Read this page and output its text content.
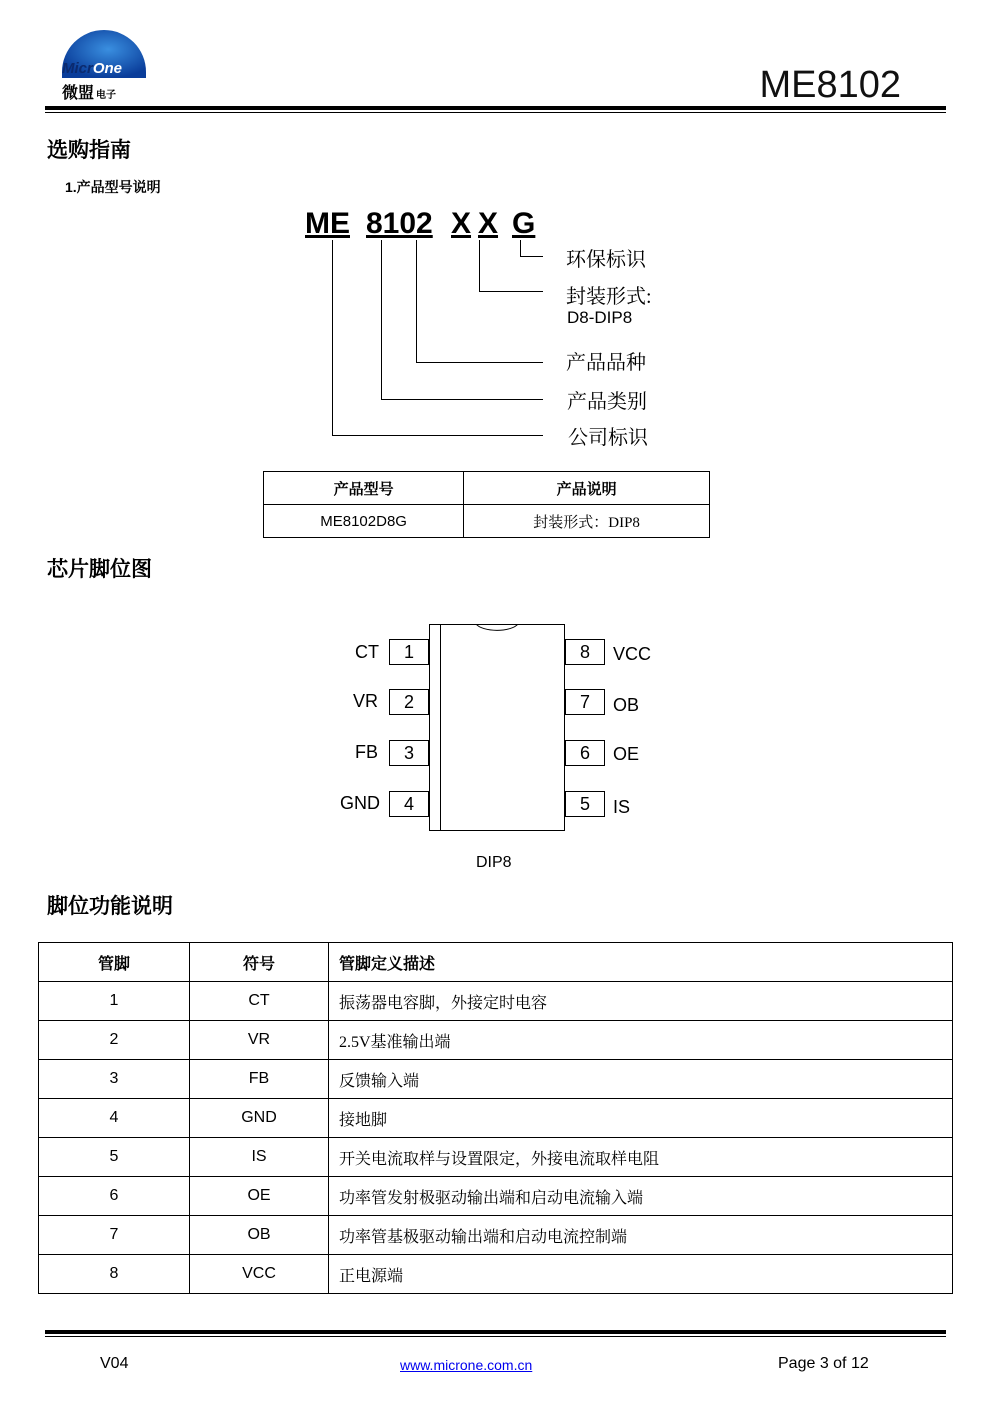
MicrOne
微盟 电子	ME8102
选购指南
1.产品型号说明
ME 8102 X X G
环保标识
封装形式:
D8-DIP8
产品品种
产品类别
公司标识
产品型号	产品说明
ME8102D8G	封装形式：DIP8
芯片脚位图
CT	1
VR	2
FB	3
GND	4
8	VCC
7	OB
6	OE
5	IS
DIP8
脚位功能说明
管脚	符号	管脚定义描述
1	CT	振荡器电容脚，外接定时电容
2	VR	2.5V基准输出端
3	FB	反馈输入端
4	GND	接地脚
5	IS	开关电流取样与设置限定，外接电流取样电阻
6	OE	功率管发射极驱动输出端和启动电流输入端
7	OB	功率管基极驱动输出端和启动电流控制端
8	VCC	正电源端
V04	www.microne.com.cn	Page 3 of 12
